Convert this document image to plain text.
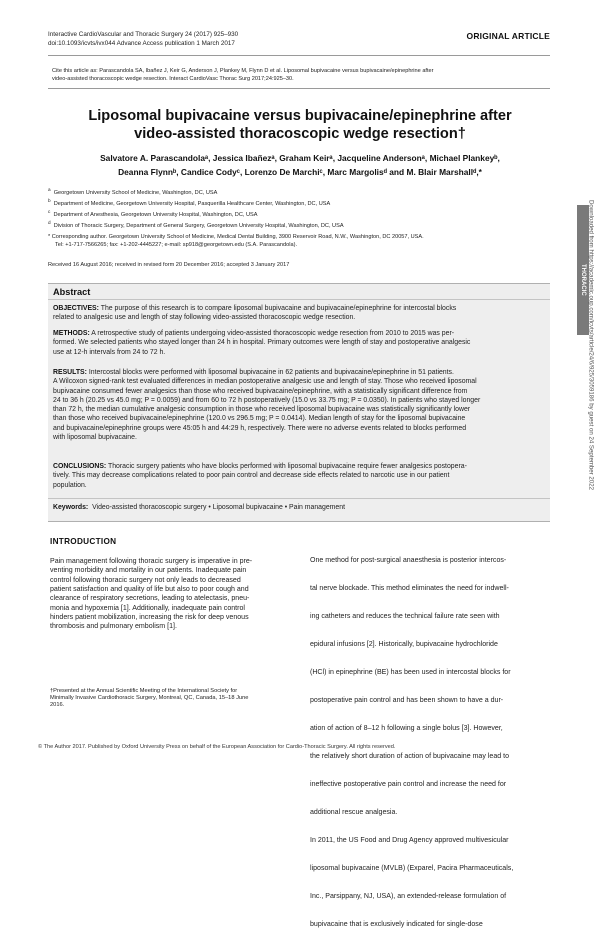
Interactive CardioVascular and Thoracic Surgery 24 (2017) 925–930
doi:10.1093/icvts/ivx044 Advance Access publication 1 March 2017
ORIGINAL ARTICLE
Cite this article as: Parascandola SA, Ibañez J, Keir G, Anderson J, Plankey M, Flynn D et al. Liposomal bupivacaine versus bupivacaine/epinephrine after
video-assisted thoracoscopic wedge resection. Interact CardioVasc Thorac Surg 2017;24:925–30.
Liposomal bupivacaine versus bupivacaine/epinephrine after
video-assisted thoracoscopic wedge resection†
Salvatore A. Parascandolaᵃ, Jessica Ibañezᵃ, Graham Keirᵃ, Jacqueline Andersonᵃ, Michael Plankeyᵇ,
Deanna Flynnᵇ, Candice Codyᶜ, Lorenzo De Marchiᶜ, Marc Margolisᵈ and M. Blair Marshallᵈ,*
$^a$  Georgetown University School of Medicine, Washington, DC, USA
$^b$  Department of Medicine, Georgetown University Hospital, Pasquerilla Healthcare Center, Washington, DC, USA
$^c$  Department of Anesthesia, Georgetown University Hospital, Washington, DC, USA
$^d$  Division of Thoracic Surgery, Department of General Surgery, Georgetown University Hospital, Washington, DC, USA
* Corresponding author. Georgetown University School of Medicine, Medical Dental Building, 3900 Reservoir Road, N.W., Washington, DC 20057, USA.
Tel: +1-717-7566265; fax: +1-202-4445227; e-mail: sp918@georgetown.edu (S.A. Parascandola).
Received 16 August 2016; received in revised form 20 December 2016; accepted 3 January 2017
Abstract
OBJECTIVES: The purpose of this research is to compare liposomal bupivacaine and bupivacaine/epinephrine for intercostal blocks
related to analgesic use and length of stay following video-assisted thoracoscopic wedge resection.
METHODS: A retrospective study of patients undergoing video-assisted thoracoscopic wedge resection from 2010 to 2015 was per-
formed. We selected patients who stayed longer than 24 h in hospital. Primary outcomes were length of stay and postoperative analgesic
use at 12-h intervals from 24 to 72 h.
RESULTS: Intercostal blocks were performed with liposomal bupivacaine in 62 patients and bupivacaine/epinephrine in 51 patients.
A Wilcoxon signed-rank test evaluated differences in median postoperative analgesic use and length of stay. Those who received liposomal
bupivacaine consumed fewer analgesics than those who received bupivacaine/epinephrine, with a statistically significant difference from
24 to 36 h (20.25 vs 45.0 mg; P = 0.0059) and from 60 to 72 h postoperatively (15.0 vs 33.75 mg; P = 0.0350). In patients who stayed longer
than 72 h, the median cumulative analgesic consumption in those who received liposomal bupivacaine was statistically significantly lower
than those who received bupivacaine/epinephrine (120.0 vs 296.5 mg; P = 0.0414). Median length of stay for the liposomal bupivacaine
and bupivacaine/epinephrine groups were 45:05 h and 44:29 h, respectively. There were no adverse events related to blocks performed
with liposomal bupivacaine.
CONCLUSIONS: Thoracic surgery patients who have blocks performed with liposomal bupivacaine require fewer analgesics postopera-
tively. This may decrease complications related to poor pain control and decrease side effects related to narcotic use in our patient
population.
Keywords: Video-assisted thoracoscopic surgery • Liposomal bupivacaine • Pain management
INTRODUCTION
Pain management following thoracic surgery is imperative in pre-
venting morbidity and mortality in our patients. Inadequate pain
control following thoracic surgery not only leads to decreased
patient satisfaction and quality of life but also to poor cough and
clearance of respiratory secretions, leading to atelectasis, pneu-
monia and hypoxemia [1]. Additionally, inadequate pain control
hinders patient mobilization, increasing the risk for deep venous
thrombosis and pulmonary embolism [1].

One method for post-surgical anaesthesia is posterior intercos-

tal nerve blockade. This method eliminates the need for indwell-

ing catheters and reduces the technical failure rate seen with

epidural infusions [2]. Historically, bupivacaine hydrochloride

(HCl) in epinephrine (BE) has been used in intercostal blocks for

postoperative pain control and has been shown to have a dur-

ation of action of 8–12 h following a single bolus [3]. However,

the relatively short duration of action of bupivacaine may lead to

ineffective postoperative pain control and increase the need for

additional rescue analgesia.

In 2011, the US Food and Drug Agency approved multivesicular

liposomal bupivacaine (MVLB) (Exparel, Pacira Pharmaceuticals,

Inc., Parsippany, NJ, USA), an extended-release formulation of

bupivacaine that is exclusively indicated for single-dose

†Presented at the Annual Scientific Meeting of the International Society for
Minimally Invasive Cardiothoracic Surgery, Montreal, QC, Canada, 15–18 June
2016.
© The Author 2017. Published by Oxford University Press on behalf of the European Association for Cardio-Thoracic Surgery. All rights reserved.
THORACIC Downloaded from https://academic.oup.com/icvts/article/24/6/925/3059186 by guest on 24 September 2022
